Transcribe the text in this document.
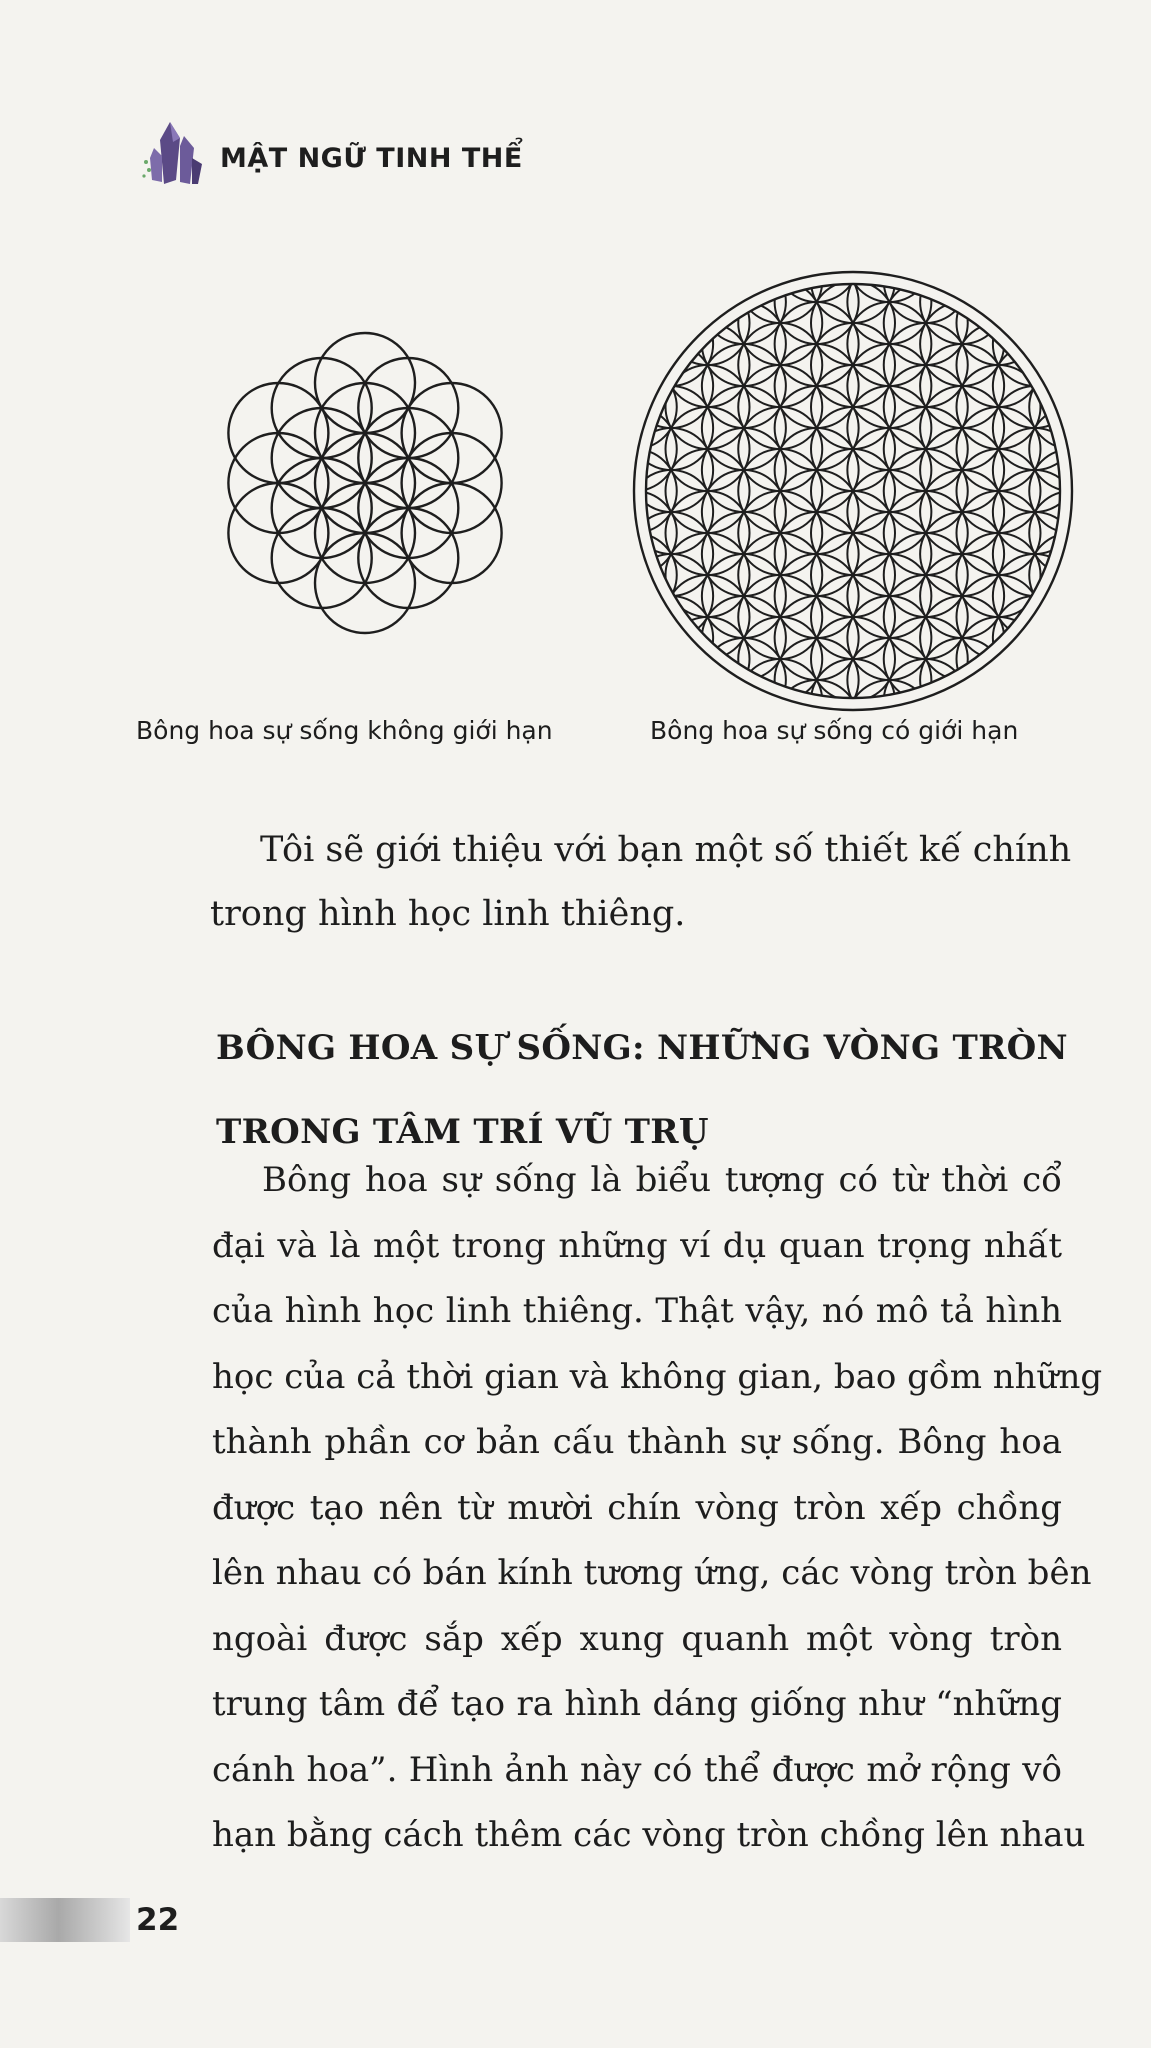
MẬT NGỮ TINH THỂ
Bông hoa sự sống không giới hạn	Bông hoa sự sống có giới hạn
Tôi sẽ giới thiệu với bạn một số thiết kế chính
trong hình học linh thiêng.
BÔNG HOA SỰ SỐNG: NHỮNG VÒNG TRÒN
TRONG TÂM TRÍ VŨ TRỤ
Bông hoa sự sống là biểu tượng có từ thời cổ
đại và là một trong những ví dụ quan trọng nhất
của hình học linh thiêng. Thật vậy, nó mô tả hình
học của cả thời gian và không gian, bao gồm những
thành phần cơ bản cấu thành sự sống. Bông hoa
được tạo nên từ mười chín vòng tròn xếp chồng
lên nhau có bán kính tương ứng, các vòng tròn bên
ngoài được sắp xếp xung quanh một vòng tròn
trung tâm để tạo ra hình dáng giống như “những
cánh hoa”. Hình ảnh này có thể được mở rộng vô
hạn bằng cách thêm các vòng tròn chồng lên nhau
22
